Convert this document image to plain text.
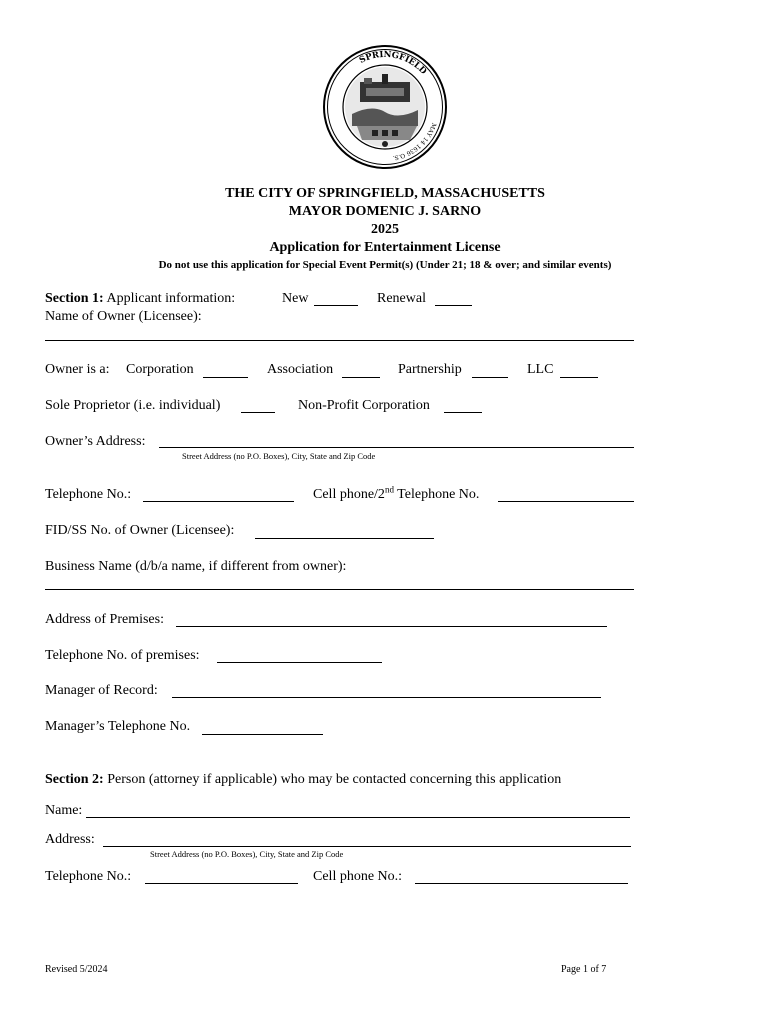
SPRINGFIELD
MAY 14 1636 O.S.
THE CITY OF SPRINGFIELD, MASSACHUSETTS
MAYOR DOMENIC J. SARNO
2025
Application for Entertainment License
Do not use this application for Special Event Permit(s) (Under 21; 18 & over; and similar events)
Section 1: Applicant information:	New	Renewal
Name of Owner (Licensee):
Owner is a: Corporation	Association	Partnership	LLC
Sole Proprietor (i.e. individual)	Non-Profit Corporation
Owner’s Address:
Street Address (no P.O. Boxes), City, State and Zip Code
Telephone No.:	Cell phone/2nd Telephone No.
FID/SS No. of Owner (Licensee):
Business Name (d/b/a name, if different from owner):
Address of Premises:
Telephone No. of premises:
Manager of Record:
Manager’s Telephone No.
Section 2: Person (attorney if applicable) who may be contacted concerning this application
Name:
Address:
Street Address (no P.O. Boxes), City, State and Zip Code
Telephone No.:	Cell phone No.:
Revised 5/2024	Page 1 of 7
